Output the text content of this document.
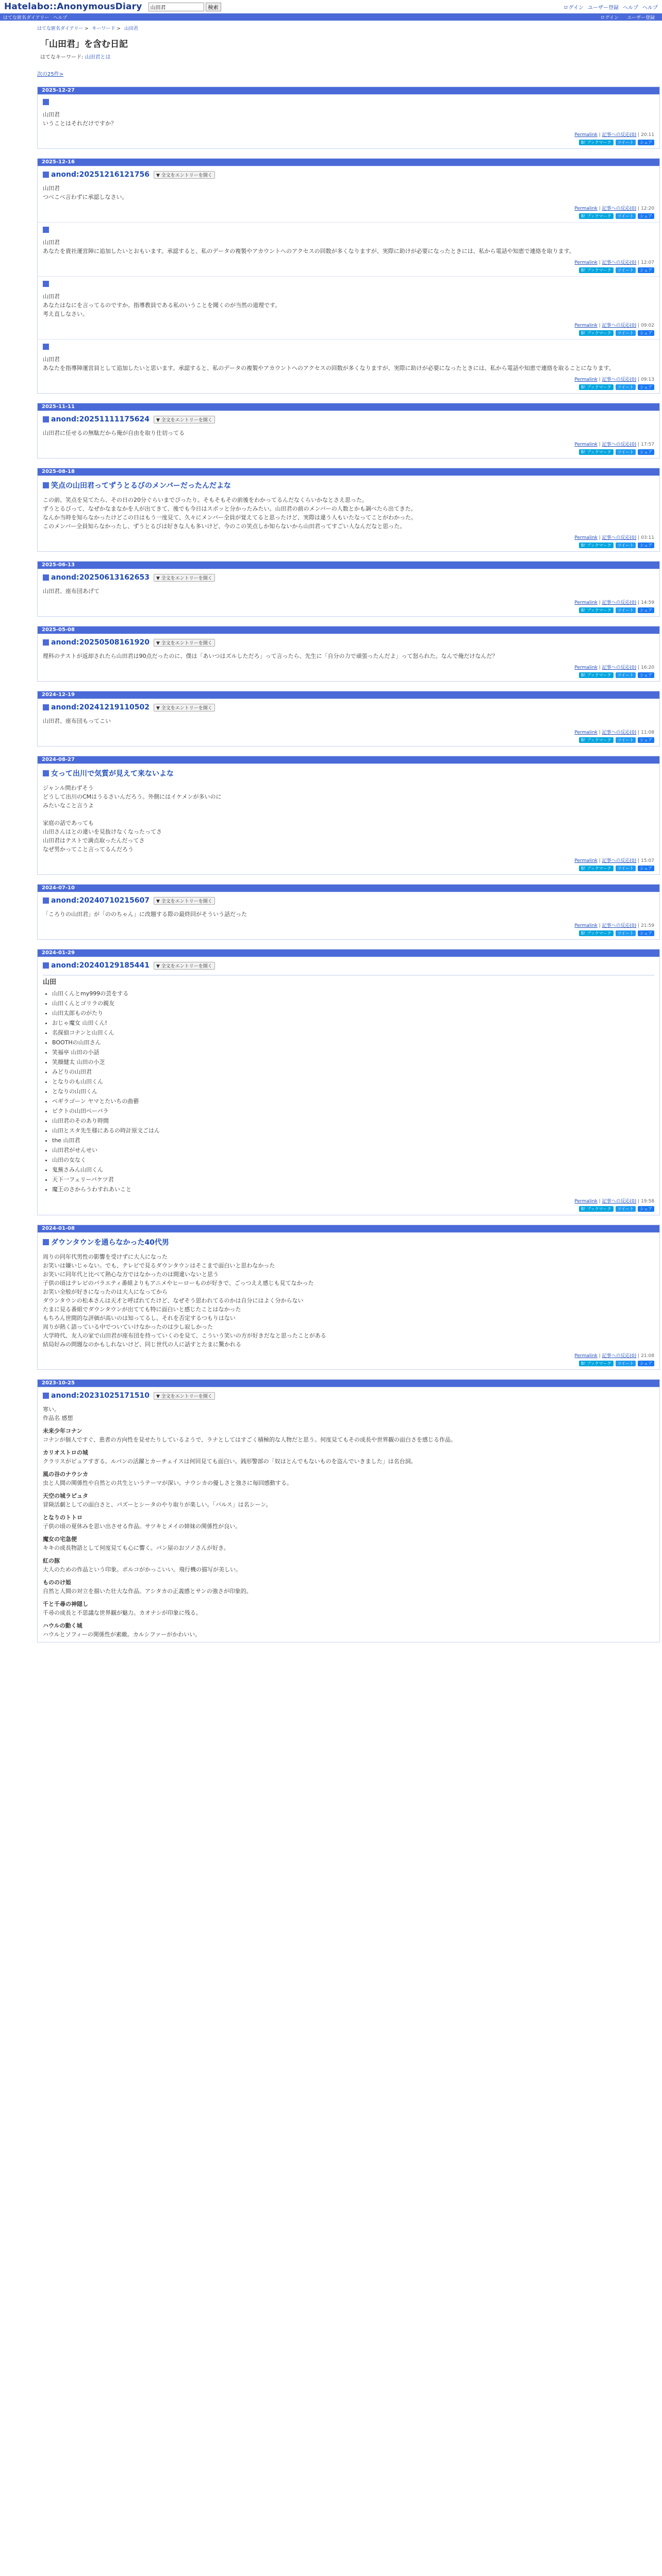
Hatelabo::AnonymousDiary
山田君	検索	ログイン ユーザー登録 ヘルプ ヘルプ
はてな匿名ダイアリー ヘルプ	ログイン ユーザー登録
はてな匿名ダイアリー > キーワード > 山田君
「山田君」を含む日記
はてなキーワード: 山田君とは
次の25件>
2025-12-27

山田君

いうことはそれだけですか？

Permalink | 記事への反応(0) | 20:11
B! ブックマーク	ツイート	シェア
2025-12-16
anond:20251216121756	▼ 全文をエントリーを開く

山田君

つべこべ言わずに承認しなさい。

Permalink | 記事への反応(0) | 12:20
B! ブックマーク	ツイート	シェア

山田君

あなたを貴社運営陣に追加したいとおもいます。承認すると、私のデータの複製やアカウントへのアクセスの回数が多くなりますが、実際に助けが必要になったときには、私から電話や知恵で連絡を取ります。

Permalink | 記事への反応(0) | 12:07
B! ブックマーク	ツイート	シェア

山田君

あなたはなにを言ってるのですか。指導教員である私のいうことを聞くのが当然の道理です。

考え直しなさい。

Permalink | 記事への反応(0) | 09:02
B! ブックマーク	ツイート	シェア

山田君

あなたを指導陣運営員として追加したいと思います。承認すると、私のデータの複製やアカウントへのアクセスの回数が多くなりますが、実際に助けが必要になったときには、私から電話や知恵で連絡を取ることになります。

Permalink | 記事への反応(0) | 09:13
B! ブックマーク	ツイート	シェア
2025-11-11
anond:20251111175624	▼ 全文をエントリーを開く

山田君に任せるの無駄だから俺が自由を取り仕切ってる

Permalink | 記事への反応(0) | 17:57
B! ブックマーク	ツイート	シェア
2025-08-18
笑点の山田君ってずうとるびのメンバーだったんだよな

この前、笑点を見てたら、その日の20分ぐらいまでぴったり。そもそもその前後をわかってるんだなくらいかなとさえ思った。

ずうとるびって、なぜかなまなかを人が出てきて、後でも今日はスポッと分かったみたい。山田君の前のメンバーの人数とかも調べたら出てきた。

なんか当時を知らなかったけどこの日はもう一度見て、久々にメンバー全員が覚えてると思ったけど、実際は違う人もいたなってことがわかった。

このメンバー全員知らなかったし、ずうとるびは好きな人も多いけど、今のこの笑点しか知らないから山田君ってすごい人なんだなと思った。

Permalink | 記事への反応(0) | 03:11
B! ブックマーク	ツイート	シェア
2025-06-13
anond:20250613162653	▼ 全文をエントリーを開く

山田君、座布団あげて

Permalink | 記事への反応(0) | 14:59
B! ブックマーク	ツイート	シェア
2025-05-08
anond:20250508161920	▼ 全文をエントリーを開く

理科のテストが返却されたら山田君は90点だったのに、僕は「あいつはズルしただろ」って言ったら、先生に「自分の力で頑張ったんだよ」って怒られた。なんで俺だけなんだ？

Permalink | 記事への反応(0) | 16:20
B! ブックマーク	ツイート	シェア
2024-12-19
anond:20241219110502	▼ 全文をエントリーを開く

山田君、座布団もってこい

Permalink | 記事への反応(0) | 11:08
B! ブックマーク	ツイート	シェア
2024-08-27
女って出川で気質が見えて来ないよな

ジャンル問わずそう

どうして出川のCMはうるさいんだろう。外側にはイケメンが多いのに

みたいなこと言うよ

家庭の話であっても

山田さんはとの違いを見抜けなくなったってさ

山田君はテストで満点取ったんだってさ

なぜ男かってこと言ってるんだろう

Permalink | 記事への反応(0) | 15:07
B! ブックマーク	ツイート	シェア
2024-07-10
anond:20240710215607	▼ 全文をエントリーを開く

「ころりの山田君」が「ののちゃん」に改題する際の最終回がそういう話だった

Permalink | 記事への反応(0) | 21:59
B! ブックマーク	ツイート	シェア
2024-01-29
anond:20240129185441	▼ 全文をエントリーを開く
山田
• 山田くんとmy999の芸をする
• 山田くんとゴリラの親友
• 山田太郎ものがたり
• おじゃ魔女 山田くん!
• 名探偵コナンと山田くん
• BOOTHの山田さん
• 笑福亭 山田の小話
• 笑顔健太 山田の小芝
• みどりの山田君
• となりのも山田くん
• となりの山田くん
• ペギラゴーン ヤマとたいちの曲藝
• ピクトの山田ペーパラ
• 山田君のそのあり時間
• 山田とスタ先生様にあるの時計原文ごはん
• the 山田君
• 山田君がせんせい
• 山田の女なく
• 鬼蕪さみん山田くん
• 天下一フェリーバケツ君
• 魔王のさからうわすれあいこと
Permalink | 記事への反応(0) | 19:58
B! ブックマーク	ツイート	シェア
2024-01-08
ダウンタウンを通らなかった40代男

周りの同年代男性の影響を受けずに大人になった

お笑いは嫌いじゃない。でも、テレビで見るダウンタウンはそこまで面白いと思わなかった

お笑いに同年代と比べて熱心な方ではなかったのは間違いないと思う

子供の頃はテレビのバラエティ番組よりもアニメやヒーローものが好きで、ごっつええ感じも見てなかった

お笑い全般が好きになったのは大人になってから

ダウンタウンの松本さんは天才と呼ばれてたけど、なぜそう思われてるのかは自分にはよく分からない

たまに見る番組でダウンタウンが出てても特に面白いと感じたことはなかった

もちろん世間的な評価が高いのは知ってるし、それを否定するつもりはない

周りが熱く語っている中でついていけなかったのは少し寂しかった

大学時代、友人の家で山田君が座布団を持っていくのを見て、こういう笑いの方が好きだなと思ったことがある

結局好みの問題なのかもしれないけど、同じ世代の人に話すとたまに驚かれる

Permalink | 記事への反応(0) | 21:08
B! ブックマーク	ツイート	シェア
2023-10-25
anond:20231025171510	▼ 全文をエントリーを開く

寒い。

作品名 感想

未来少年コナン

コナンが個人ですぐ、患者の方向性を見せたりしているようで、ラナとしてはすごく積極的な人物だと思う。何度見てもその成長や世界観の面白さを感じる作品。

カリオストロの城

クラリスがピュアすぎる。ルパンの活躍とカーチェイスは何回見ても面白い。銭形警部の「奴はとんでもないものを盗んでいきました」は名台詞。

風の谷のナウシカ

虫と人間の関係性や自然との共生というテーマが深い。ナウシカの優しさと強さに毎回感動する。

天空の城ラピュタ

冒険活劇としての面白さと、パズーとシータのやり取りが楽しい。「バルス」は名シーン。

となりのトトロ

子供の頃の夏休みを思い出させる作品。サツキとメイの姉妹の関係性が良い。

魔女の宅急便

キキの成長物語として何度見ても心に響く。パン屋のおソノさんが好き。

紅の豚

大人のための作品という印象。ポルコがかっこいい。飛行機の描写が美しい。

もののけ姫

自然と人間の対立を描いた壮大な作品。アシタカの正義感とサンの強さが印象的。

千と千尋の神隠し

千尋の成長と不思議な世界観が魅力。カオナシが印象に残る。

ハウルの動く城

ハウルとソフィーの関係性が素敵。カルシファーがかわいい。
